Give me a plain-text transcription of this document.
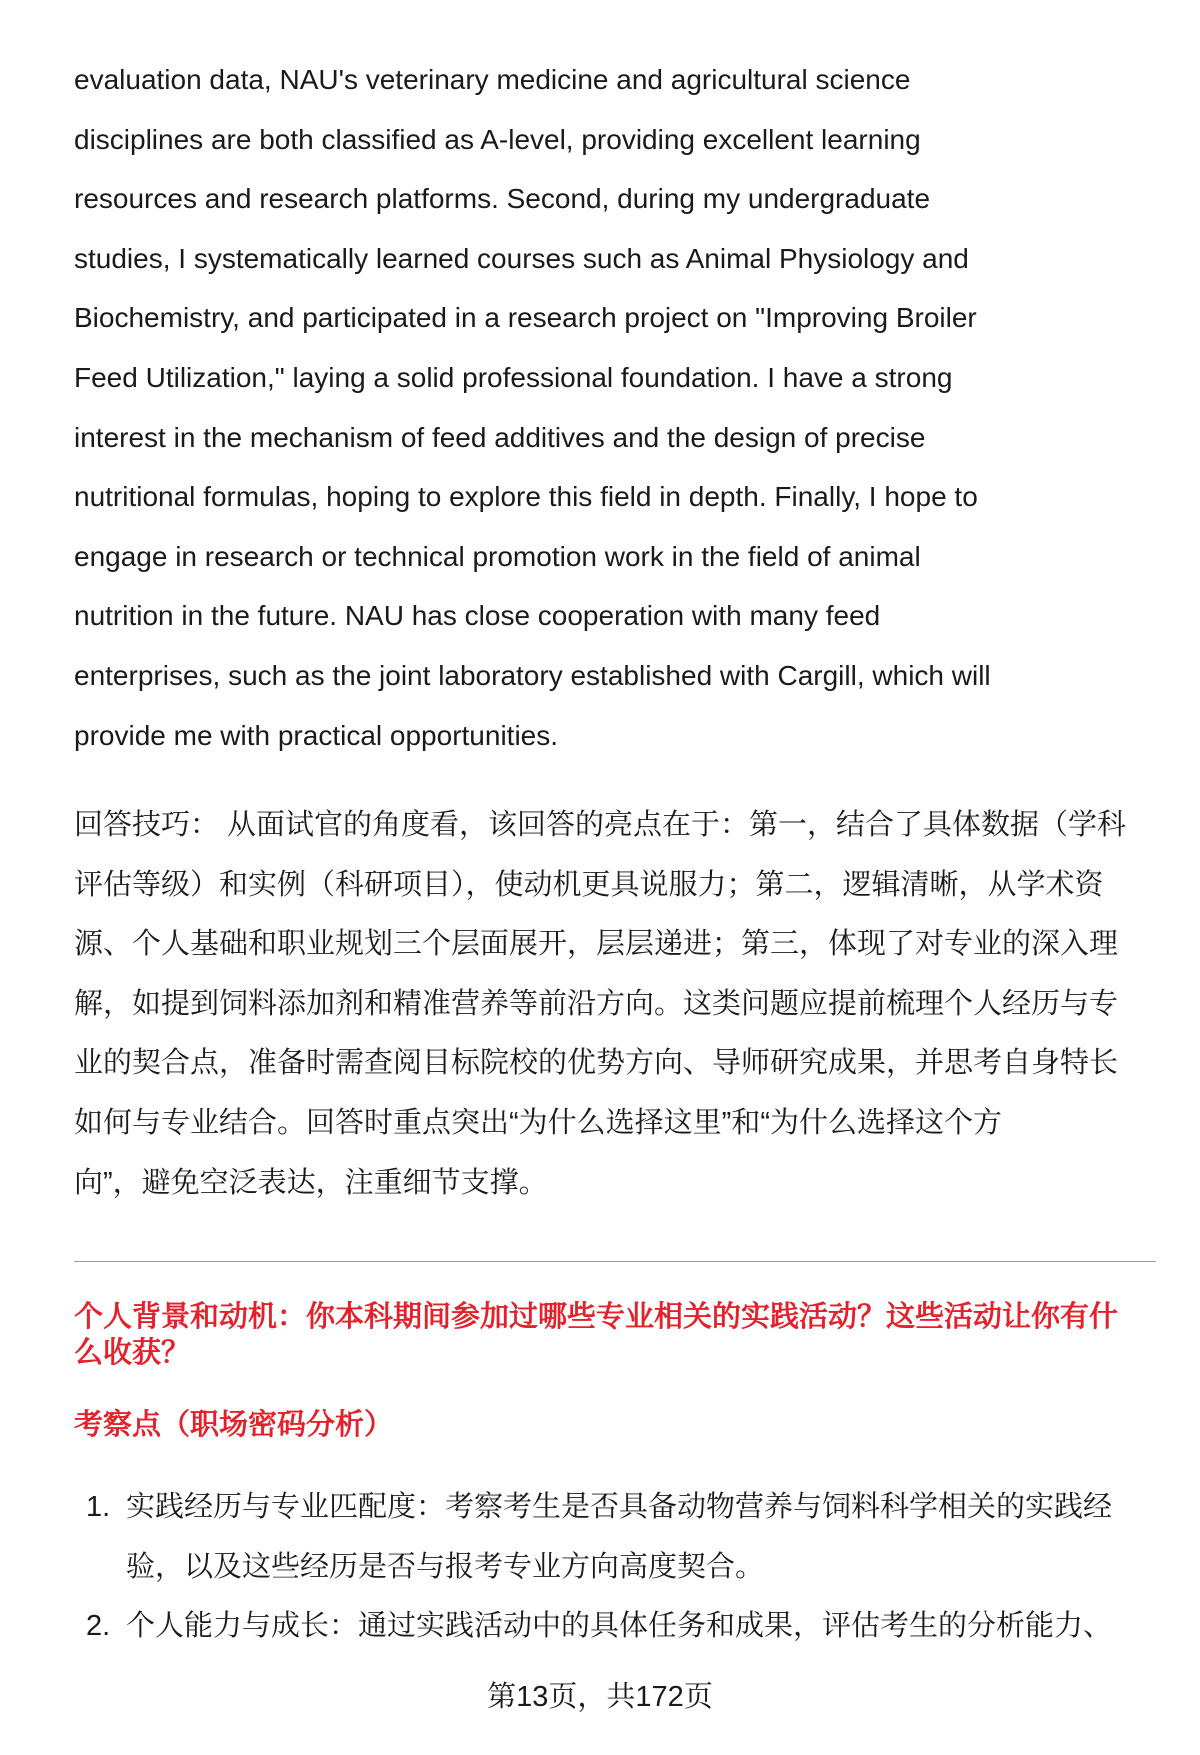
evaluation data, NAU's veterinary medicine and agricultural science
disciplines are both classified as A-level, providing excellent learning
resources and research platforms. Second, during my undergraduate
studies, I systematically learned courses such as Animal Physiology and
Biochemistry, and participated in a research project on "Improving Broiler
Feed Utilization," laying a solid professional foundation. I have a strong
interest in the mechanism of feed additives and the design of precise
nutritional formulas, hoping to explore this field in depth. Finally, I hope to
engage in research or technical promotion work in the field of animal
nutrition in the future. NAU has close cooperation with many feed
enterprises, such as the joint laboratory established with Cargill, which will
provide me with practical opportunities.
回答技巧： 从面试官的角度看，该回答的亮点在于：第一，结合了具体数据（学科
评估等级）和实例（科研项目），使动机更具说服力；第二，逻辑清晰，从学术资
源、个人基础和职业规划三个层面展开，层层递进；第三，体现了对专业的深入理
解，如提到饲料添加剂和精准营养等前沿方向。这类问题应提前梳理个人经历与专
业的契合点，准备时需查阅目标院校的优势方向、导师研究成果，并思考自身特长
如何与专业结合。回答时重点突出“为什么选择这里”和“为什么选择这个方
向”，避免空泛表达，注重细节支撑。
个人背景和动机：你本科期间参加过哪些专业相关的实践活动？这些活动让你有什
么收获？
考察点（职场密码分析）
1. 实践经历与专业匹配度：考察考生是否具备动物营养与饲料科学相关的实践经
验，以及这些经历是否与报考专业方向高度契合。
2. 个人能力与成长：通过实践活动中的具体任务和成果，评估考生的分析能力、
第13页，共172页
